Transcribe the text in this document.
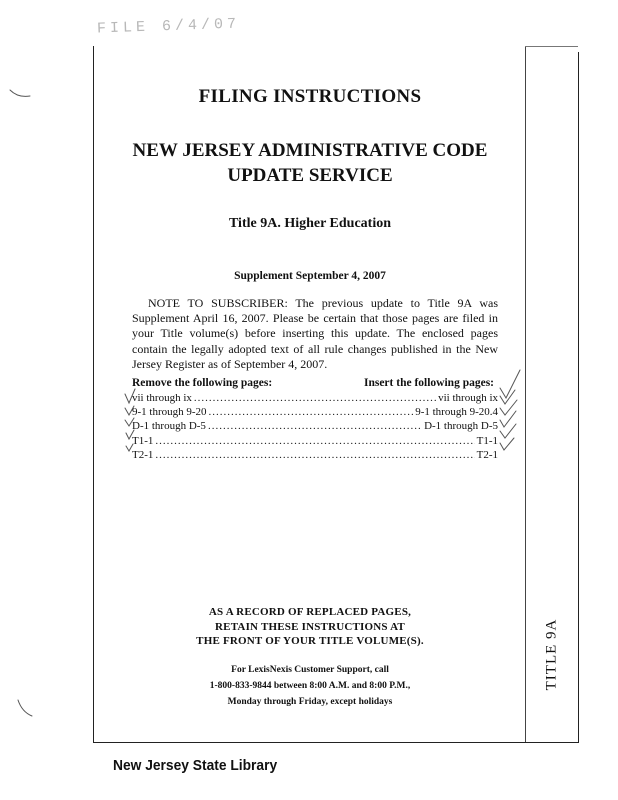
FILE 6/4/07
FILING INSTRUCTIONS
NEW JERSEY ADMINISTRATIVE CODE
UPDATE SERVICE
Title 9A. Higher Education
Supplement September 4, 2007
NOTE TO SUBSCRIBER: The previous update to Title 9A was Supplement April 16, 2007. Please be certain that those pages are filed in your Title volume(s) before inserting this update. The enclosed pages contain the legally adopted text of all rule changes published in the New Jersey Register as of September 4, 2007.
Remove the following pages:	Insert the following pages:
vii through ix .....	vii through ix
9-1 through 9-20 .....	9-1 through 9-20.4
D-1 through D-5 .....	D-1 through D-5
T1-1 .....	T1-1
T2-1 .....	T2-1
AS A RECORD OF REPLACED PAGES,
RETAIN THESE INSTRUCTIONS AT
THE FRONT OF YOUR TITLE VOLUME(S).
For LexisNexis Customer Support, call
1-800-833-9844 between 8:00 A.M. and 8:00 P.M.,
Monday through Friday, except holidays
TITLE 9A
New Jersey State Library
